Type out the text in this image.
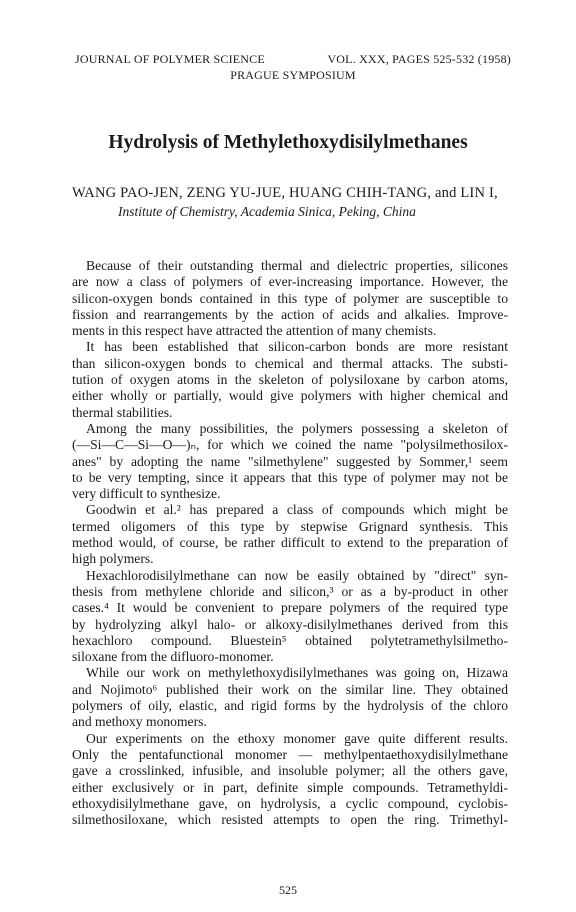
JOURNAL OF POLYMER SCIENCE	VOL. XXX, PAGES 525-532 (1958)
PRAGUE SYMPOSIUM
Hydrolysis of Methylethoxydisilylmethanes
WANG PAO-JEN, ZENG YU-JUE, HUANG CHIH-TANG, and LIN I,
Institute of Chemistry, Academia Sinica, Peking, China
Because of their outstanding thermal and dielectric properties, silicones
are now a class of polymers of ever-increasing importance. However, the
silicon-oxygen bonds contained in this type of polymer are susceptible to
fission and rearrangements by the action of acids and alkalies. Improve-
ments in this respect have attracted the attention of many chemists.
It has been established that silicon-carbon bonds are more resistant
than silicon-oxygen bonds to chemical and thermal attacks. The substi-
tution of oxygen atoms in the skeleton of polysiloxane by carbon atoms,
either wholly or partially, would give polymers with higher chemical and
thermal stabilities.
Among the many possibilities, the polymers possessing a skeleton of
(—Si—C—Si—O—)ₙ, for which we coined the name "polysilmethosilox-
anes" by adopting the name "silmethylene" suggested by Sommer,¹ seem
to be very tempting, since it appears that this type of polymer may not be
very difficult to synthesize.
Goodwin et al.² has prepared a class of compounds which might be
termed oligomers of this type by stepwise Grignard synthesis. This
method would, of course, be rather difficult to extend to the preparation of
high polymers.
Hexachlorodisilylmethane can now be easily obtained by "direct" syn-
thesis from methylene chloride and silicon,³ or as a by-product in other
cases.⁴ It would be convenient to prepare polymers of the required type
by hydrolyzing alkyl halo- or alkoxy-disilylmethanes derived from this
hexachloro compound. Bluestein⁵ obtained polytetramethylsilmetho-
siloxane from the difluoro-monomer.
While our work on methylethoxydisilylmethanes was going on, Hizawa
and Nojimoto⁶ published their work on the similar line. They obtained
polymers of oily, elastic, and rigid forms by the hydrolysis of the chloro
and methoxy monomers.
Our experiments on the ethoxy monomer gave quite different results.
Only the pentafunctional monomer — methylpentaethoxydisilylmethane
gave a crosslinked, infusible, and insoluble polymer; all the others gave,
either exclusively or in part, definite simple compounds. Tetramethyldi-
ethoxydisilylmethane gave, on hydrolysis, a cyclic compound, cyclobis-
silmethosiloxane, which resisted attempts to open the ring. Trimethyl-
525
